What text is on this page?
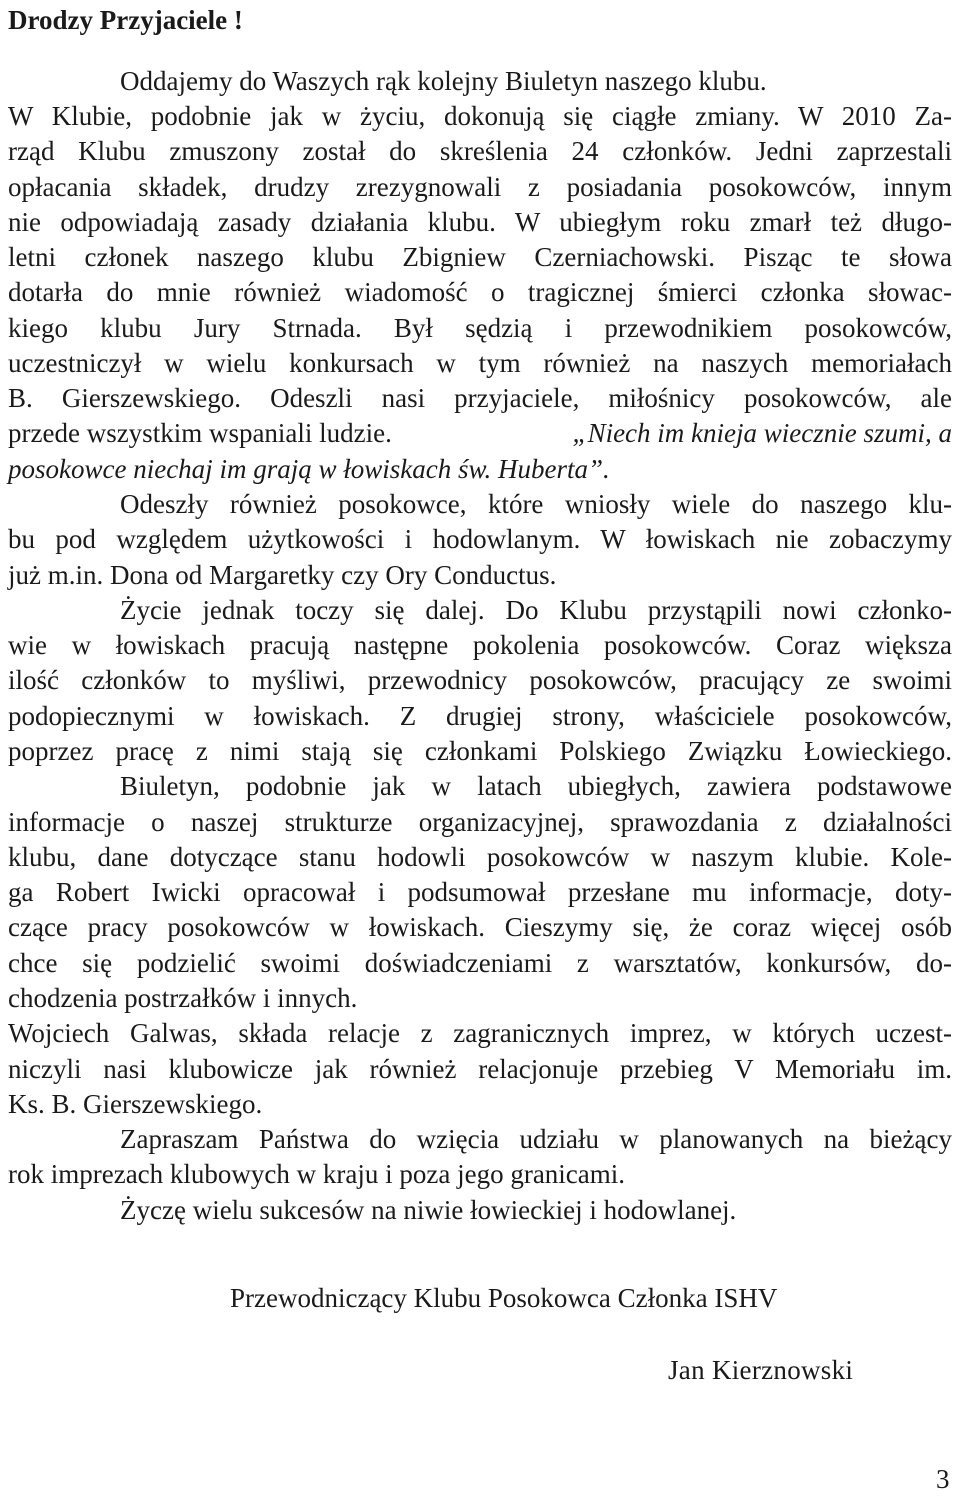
Drodzy Przyjaciele !

Oddajemy do Waszych rąk kolejny Biuletyn naszego klubu.

W Klubie, podobnie jak w życiu, dokonują się ciągłe zmiany. W 2010 Za-

rząd Klubu zmuszony został do skreślenia 24 członków. Jedni zaprzestali

opłacania składek, drudzy zrezygnowali z posiadania posokowców, innym

nie odpowiadają zasady działania klubu. W ubiegłym roku zmarł też długo-

letni członek naszego klubu Zbigniew Czerniachowski. Pisząc te słowa

dotarła do mnie również wiadomość o tragicznej śmierci członka słowac-

kiego klubu Jury Strnada. Był sędzią i przewodnikiem posokowców,

uczestniczył w wielu konkursach w tym również na naszych memoriałach

B. Gierszewskiego. Odeszli nasi przyjaciele, miłośnicy posokowców, ale

przede wszystkim wspaniali ludzie.	„Niech im knieja wiecznie szumi, a

posokowce niechaj im grają w łowiskach św. Huberta”.

Odeszły również posokowce, które wniosły wiele do naszego klu-

bu pod względem użytkowości i hodowlanym. W łowiskach nie zobaczymy

już m.in. Dona od Margaretky czy Ory Conductus.

Życie jednak toczy się dalej. Do Klubu przystąpili nowi członko-

wie w łowiskach pracują następne pokolenia posokowców. Coraz większa

ilość członków to myśliwi, przewodnicy posokowców, pracujący ze swoimi

podopiecznymi w łowiskach. Z drugiej strony, właściciele posokowców,

poprzez pracę z nimi stają się członkami Polskiego Związku Łowieckiego.

Biuletyn, podobnie jak w latach ubiegłych, zawiera podstawowe

informacje o naszej strukturze organizacyjnej, sprawozdania z działalności

klubu, dane dotyczące stanu hodowli posokowców w naszym klubie. Kole-

ga Robert Iwicki opracował i podsumował przesłane mu informacje, doty-

czące pracy posokowców w łowiskach. Cieszymy się, że coraz więcej osób

chce się podzielić swoimi doświadczeniami z warsztatów, konkursów, do-

chodzenia postrzałków i innych.

Wojciech Galwas, składa relacje z zagranicznych imprez, w których uczest-

niczyli nasi klubowicze jak również relacjonuje przebieg V Memoriału im.

Ks. B. Gierszewskiego.

Zapraszam Państwa do wzięcia udziału w planowanych na bieżący

rok imprezach klubowych w kraju i poza jego granicami.

Życzę wielu sukcesów na niwie łowieckiej i hodowlanej.

Przewodniczący Klubu Posokowca Członka ISHV
Jan Kierznowski
3
